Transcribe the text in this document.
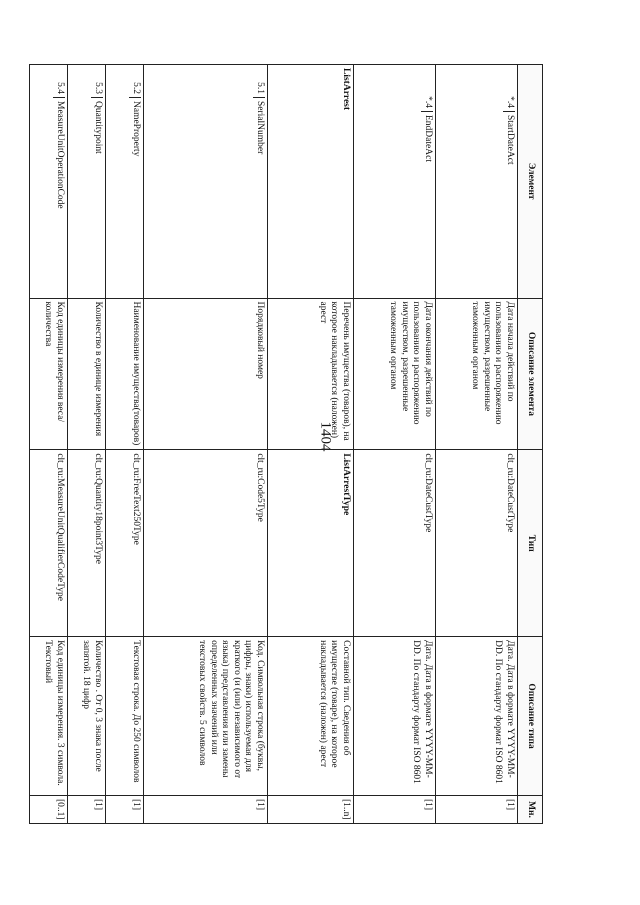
1404
Элемент	Описание элемента	Тип	Описание типа	Мн.

*.4
StartDateAct	Дата начала действий по пользованию и распоряжению имуществом, разрешенные таможенным органом	clt_ru:DateCustType	Дата. Дата в формате YYYY-MM-DD. По стандарту формат ISO 8601	[1]

*.4
EndDateAct	Дата окончания действий по пользованию и распоряжению имуществом, разрешенные таможенным органом	clt_ru:DateCustType	Дата. Дата в формате YYYY-MM-DD. По стандарту формат ISO 8601	[1]

ListArrest	Перечень имущества (товаров), на которое накладывается (наложен) арест	ListArrestType	Составной тип. Сведения об имуществе (товаре), на которое накладывается (наложен) арест	[1..n]

5.1
SerialNumber	Порядковый номер	clt_ru:Code5Type	Код. Символьная строка (буквы, цифры, знаки) используемая для краткого (и (или) независимого от языка) представления или замены определенных значений или текстовых свойств. 5 символов	[1]

5.2
NameProperty	Наименование имущества(товаров)	clt_ru:FreeText250Type	Текстовая строка. До 250 символов	[1]

5.3
Quantitypoint	Количество в единице измерения	clt_ru:Quantity18point3Type	Количество . От 0, 3 знака после запятой. 18 цифр	[1]

5.4
MeasureUnitOperationCode	Код единицы измерения веса/количества	clt_ru:MeasureUnitQualifierCodeType	Код единицы измерения. 3 символа. Текстовый	[0..1]
